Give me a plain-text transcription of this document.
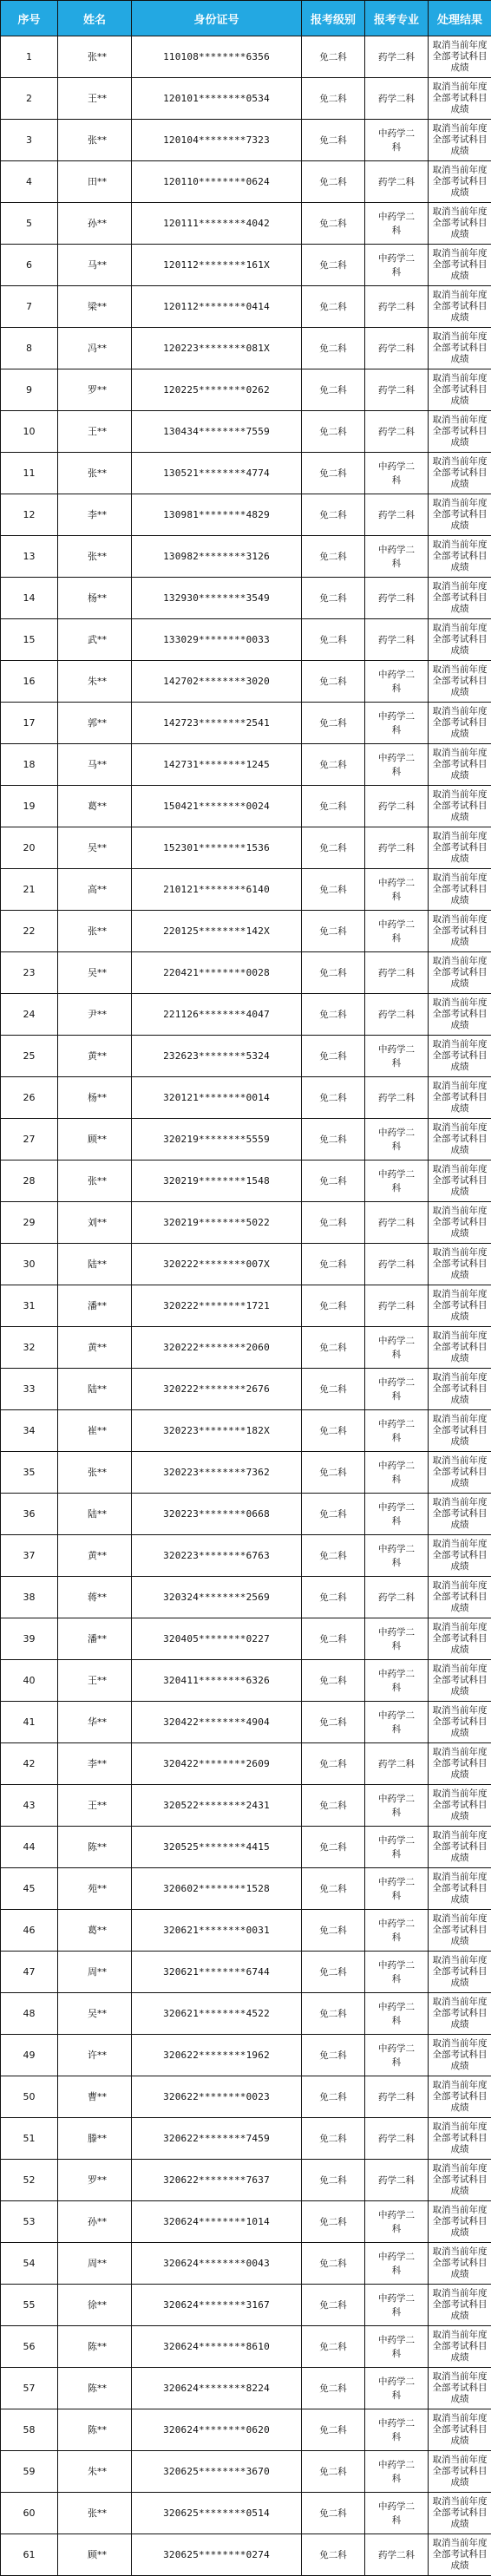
序号	姓名	身份证号	报考级别	报考专业	处理结果
1	张**	110108********6356	免二科	药学二科	取消当前年度全部考试科目成绩
2	王**	120101********0534	免二科	药学二科	取消当前年度全部考试科目成绩
3	张**	120104********7323	免二科	中药学二科	取消当前年度全部考试科目成绩
4	田**	120110********0624	免二科	药学二科	取消当前年度全部考试科目成绩
5	孙**	120111********4042	免二科	中药学二科	取消当前年度全部考试科目成绩
6	马**	120112********161X	免二科	中药学二科	取消当前年度全部考试科目成绩
7	梁**	120112********0414	免二科	药学二科	取消当前年度全部考试科目成绩
8	冯**	120223********081X	免二科	药学二科	取消当前年度全部考试科目成绩
9	罗**	120225********0262	免二科	药学二科	取消当前年度全部考试科目成绩
10	王**	130434********7559	免二科	药学二科	取消当前年度全部考试科目成绩
11	张**	130521********4774	免二科	中药学二科	取消当前年度全部考试科目成绩
12	李**	130981********4829	免二科	药学二科	取消当前年度全部考试科目成绩
13	张**	130982********3126	免二科	中药学二科	取消当前年度全部考试科目成绩
14	杨**	132930********3549	免二科	药学二科	取消当前年度全部考试科目成绩
15	武**	133029********0033	免二科	药学二科	取消当前年度全部考试科目成绩
16	朱**	142702********3020	免二科	中药学二科	取消当前年度全部考试科目成绩
17	郭**	142723********2541	免二科	中药学二科	取消当前年度全部考试科目成绩
18	马**	142731********1245	免二科	中药学二科	取消当前年度全部考试科目成绩
19	葛**	150421********0024	免二科	药学二科	取消当前年度全部考试科目成绩
20	吴**	152301********1536	免二科	药学二科	取消当前年度全部考试科目成绩
21	高**	210121********6140	免二科	中药学二科	取消当前年度全部考试科目成绩
22	张**	220125********142X	免二科	中药学二科	取消当前年度全部考试科目成绩
23	吴**	220421********0028	免二科	药学二科	取消当前年度全部考试科目成绩
24	尹**	221126********4047	免二科	药学二科	取消当前年度全部考试科目成绩
25	黄**	232623********5324	免二科	中药学二科	取消当前年度全部考试科目成绩
26	杨**	320121********0014	免二科	药学二科	取消当前年度全部考试科目成绩
27	顾**	320219********5559	免二科	中药学二科	取消当前年度全部考试科目成绩
28	张**	320219********1548	免二科	中药学二科	取消当前年度全部考试科目成绩
29	刘**	320219********5022	免二科	药学二科	取消当前年度全部考试科目成绩
30	陆**	320222********007X	免二科	药学二科	取消当前年度全部考试科目成绩
31	潘**	320222********1721	免二科	药学二科	取消当前年度全部考试科目成绩
32	黄**	320222********2060	免二科	中药学二科	取消当前年度全部考试科目成绩
33	陆**	320222********2676	免二科	中药学二科	取消当前年度全部考试科目成绩
34	崔**	320223********182X	免二科	中药学二科	取消当前年度全部考试科目成绩
35	张**	320223********7362	免二科	中药学二科	取消当前年度全部考试科目成绩
36	陆**	320223********0668	免二科	中药学二科	取消当前年度全部考试科目成绩
37	黄**	320223********6763	免二科	中药学二科	取消当前年度全部考试科目成绩
38	蒋**	320324********2569	免二科	药学二科	取消当前年度全部考试科目成绩
39	潘**	320405********0227	免二科	中药学二科	取消当前年度全部考试科目成绩
40	王**	320411********6326	免二科	中药学二科	取消当前年度全部考试科目成绩
41	华**	320422********4904	免二科	中药学二科	取消当前年度全部考试科目成绩
42	李**	320422********2609	免二科	药学二科	取消当前年度全部考试科目成绩
43	王**	320522********2431	免二科	中药学二科	取消当前年度全部考试科目成绩
44	陈**	320525********4415	免二科	中药学二科	取消当前年度全部考试科目成绩
45	苑**	320602********1528	免二科	中药学二科	取消当前年度全部考试科目成绩
46	葛**	320621********0031	免二科	中药学二科	取消当前年度全部考试科目成绩
47	周**	320621********6744	免二科	中药学二科	取消当前年度全部考试科目成绩
48	吴**	320621********4522	免二科	中药学二科	取消当前年度全部考试科目成绩
49	许**	320622********1962	免二科	中药学二科	取消当前年度全部考试科目成绩
50	曹**	320622********0023	免二科	药学二科	取消当前年度全部考试科目成绩
51	滕**	320622********7459	免二科	药学二科	取消当前年度全部考试科目成绩
52	罗**	320622********7637	免二科	药学二科	取消当前年度全部考试科目成绩
53	孙**	320624********1014	免二科	中药学二科	取消当前年度全部考试科目成绩
54	周**	320624********0043	免二科	中药学二科	取消当前年度全部考试科目成绩
55	徐**	320624********3167	免二科	中药学二科	取消当前年度全部考试科目成绩
56	陈**	320624********8610	免二科	中药学二科	取消当前年度全部考试科目成绩
57	陈**	320624********8224	免二科	中药学二科	取消当前年度全部考试科目成绩
58	陈**	320624********0620	免二科	中药学二科	取消当前年度全部考试科目成绩
59	朱**	320625********3670	免二科	中药学二科	取消当前年度全部考试科目成绩
60	张**	320625********0514	免二科	中药学二科	取消当前年度全部考试科目成绩
61	顾**	320625********0274	免二科	药学二科	取消当前年度全部考试科目成绩
